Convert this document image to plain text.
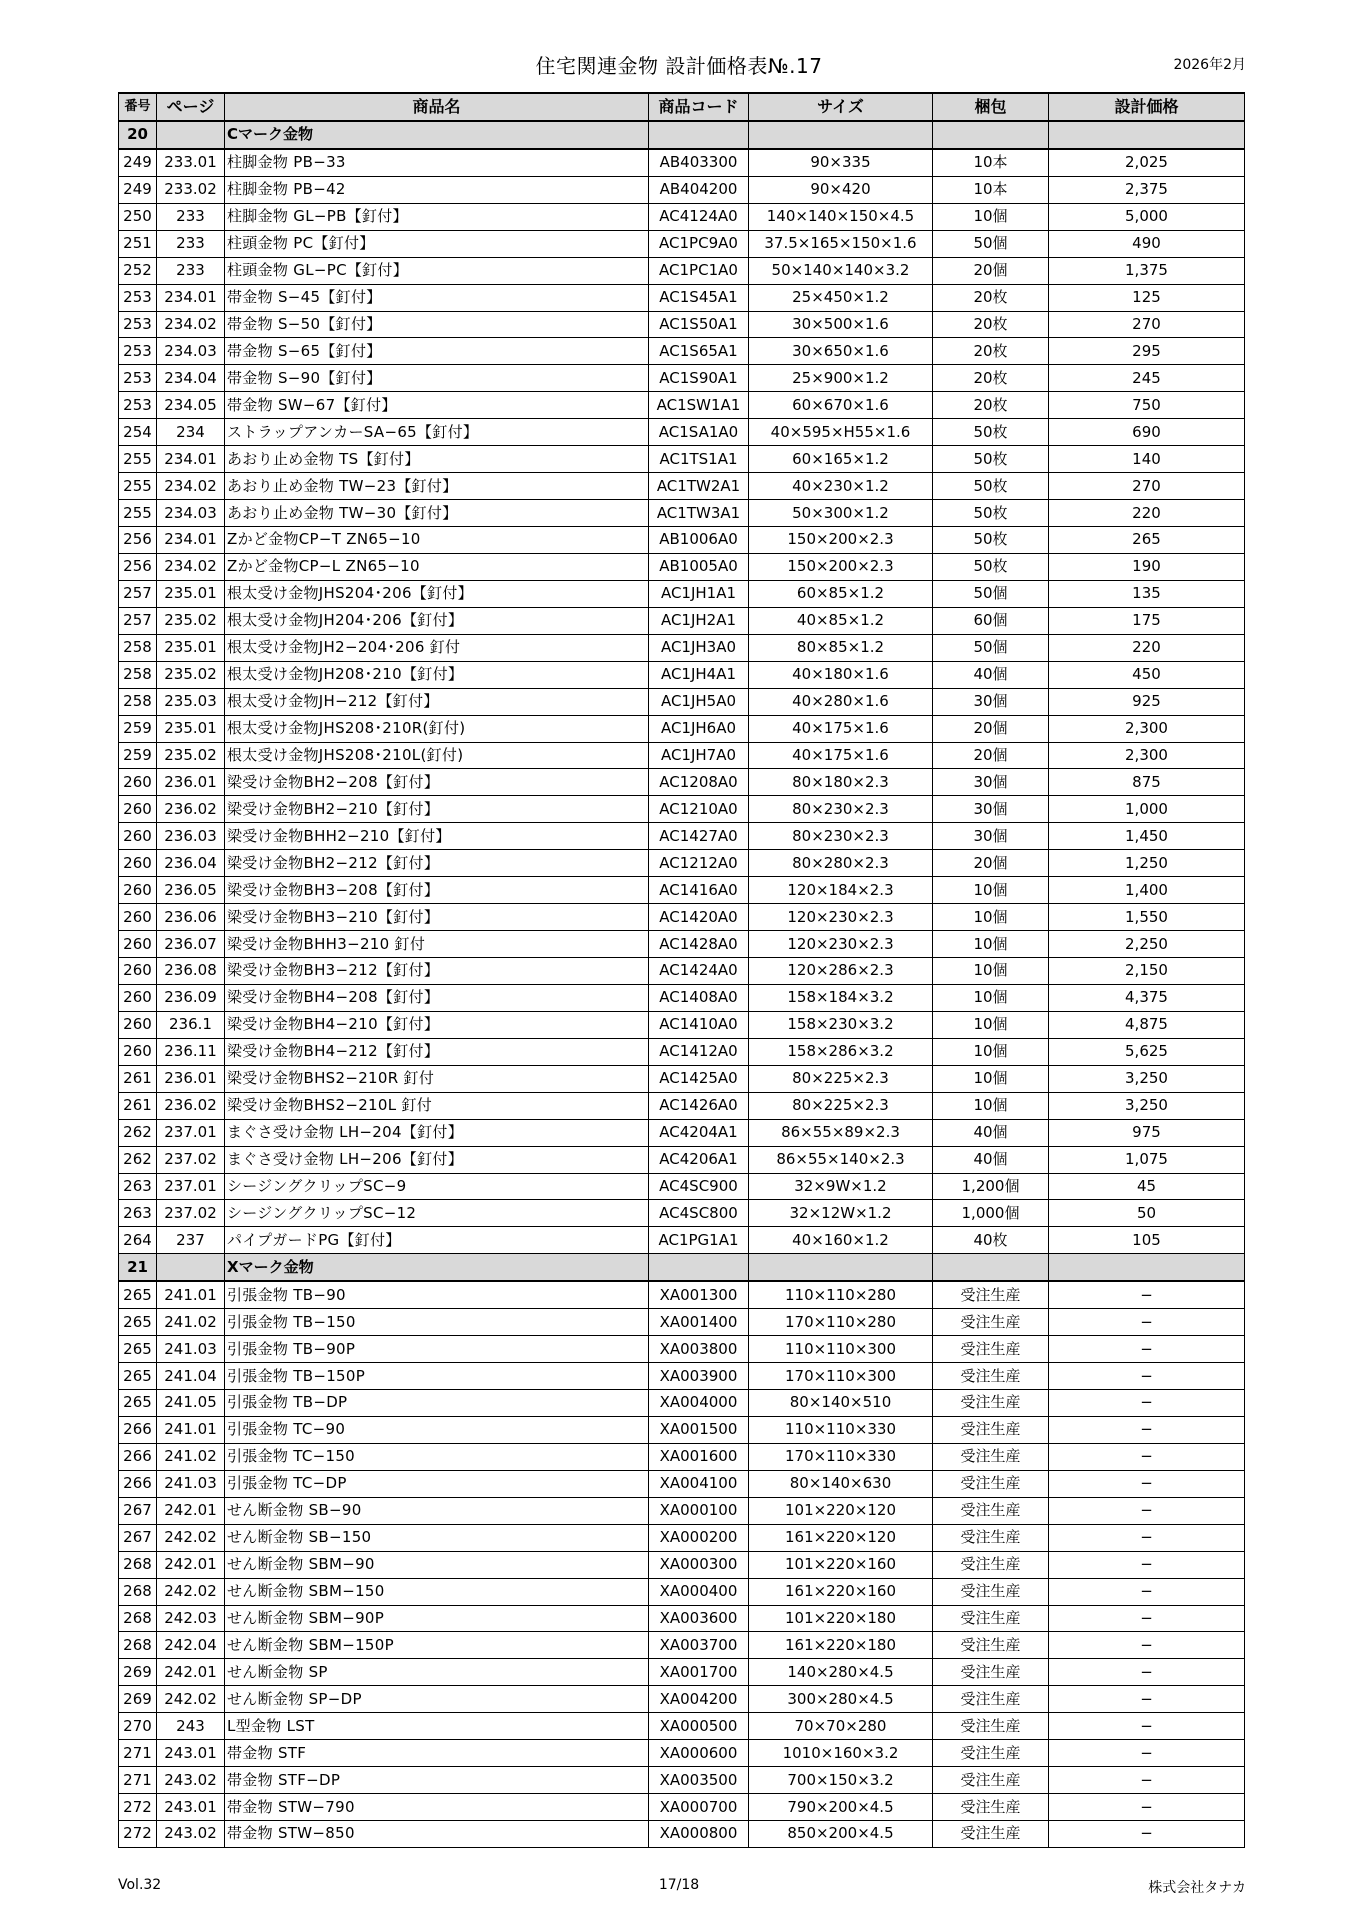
住宅関連金物 設計価格表№.17	2026年2月
番号	ページ	商品名	商品コード	サイズ	梱包	設計価格
20		Cマーク金物				
249	233.01	柱脚金物 PB−33	AB403300	90×335	10本	2,025
249	233.02	柱脚金物 PB−42	AB404200	90×420	10本	2,375
250	233	柱脚金物 GL−PB【釘付】	AC4124A0	140×140×150×4.5	10個	5,000
251	233	柱頭金物 PC【釘付】	AC1PC9A0	37.5×165×150×1.6	50個	490
252	233	柱頭金物 GL−PC【釘付】	AC1PC1A0	50×140×140×3.2	20個	1,375
253	234.01	帯金物 S−45【釘付】	AC1S45A1	25×450×1.2	20枚	125
253	234.02	帯金物 S−50【釘付】	AC1S50A1	30×500×1.6	20枚	270
253	234.03	帯金物 S−65【釘付】	AC1S65A1	30×650×1.6	20枚	295
253	234.04	帯金物 S−90【釘付】	AC1S90A1	25×900×1.2	20枚	245
253	234.05	帯金物 SW−67【釘付】	AC1SW1A1	60×670×1.6	20枚	750
254	234	ストラップアンカーSA−65【釘付】	AC1SA1A0	40×595×H55×1.6	50枚	690
255	234.01	あおり止め金物 TS【釘付】	AC1TS1A1	60×165×1.2	50枚	140
255	234.02	あおり止め金物 TW−23【釘付】	AC1TW2A1	40×230×1.2	50枚	270
255	234.03	あおり止め金物 TW−30【釘付】	AC1TW3A1	50×300×1.2	50枚	220
256	234.01	Zかど金物CP−T ZN65−10	AB1006A0	150×200×2.3	50枚	265
256	234.02	Zかど金物CP−L ZN65−10	AB1005A0	150×200×2.3	50枚	190
257	235.01	根太受け金物JHS204･206【釘付】	AC1JH1A1	60×85×1.2	50個	135
257	235.02	根太受け金物JH204･206【釘付】	AC1JH2A1	40×85×1.2	60個	175
258	235.01	根太受け金物JH2−204･206 釘付	AC1JH3A0	80×85×1.2	50個	220
258	235.02	根太受け金物JH208･210【釘付】	AC1JH4A1	40×180×1.6	40個	450
258	235.03	根太受け金物JH−212【釘付】	AC1JH5A0	40×280×1.6	30個	925
259	235.01	根太受け金物JHS208･210R(釘付)	AC1JH6A0	40×175×1.6	20個	2,300
259	235.02	根太受け金物JHS208･210L(釘付)	AC1JH7A0	40×175×1.6	20個	2,300
260	236.01	梁受け金物BH2−208【釘付】	AC1208A0	80×180×2.3	30個	875
260	236.02	梁受け金物BH2−210【釘付】	AC1210A0	80×230×2.3	30個	1,000
260	236.03	梁受け金物BHH2−210【釘付】	AC1427A0	80×230×2.3	30個	1,450
260	236.04	梁受け金物BH2−212【釘付】	AC1212A0	80×280×2.3	20個	1,250
260	236.05	梁受け金物BH3−208【釘付】	AC1416A0	120×184×2.3	10個	1,400
260	236.06	梁受け金物BH3−210【釘付】	AC1420A0	120×230×2.3	10個	1,550
260	236.07	梁受け金物BHH3−210 釘付	AC1428A0	120×230×2.3	10個	2,250
260	236.08	梁受け金物BH3−212【釘付】	AC1424A0	120×286×2.3	10個	2,150
260	236.09	梁受け金物BH4−208【釘付】	AC1408A0	158×184×3.2	10個	4,375
260	236.1	梁受け金物BH4−210【釘付】	AC1410A0	158×230×3.2	10個	4,875
260	236.11	梁受け金物BH4−212【釘付】	AC1412A0	158×286×3.2	10個	5,625
261	236.01	梁受け金物BHS2−210R 釘付	AC1425A0	80×225×2.3	10個	3,250
261	236.02	梁受け金物BHS2−210L 釘付	AC1426A0	80×225×2.3	10個	3,250
262	237.01	まぐさ受け金物 LH−204【釘付】	AC4204A1	86×55×89×2.3	40個	975
262	237.02	まぐさ受け金物 LH−206【釘付】	AC4206A1	86×55×140×2.3	40個	1,075
263	237.01	シージングクリップSC−9	AC4SC900	32×9W×1.2	1,200個	45
263	237.02	シージングクリップSC−12	AC4SC800	32×12W×1.2	1,000個	50
264	237	パイプガードPG【釘付】	AC1PG1A1	40×160×1.2	40枚	105
21		Xマーク金物				
265	241.01	引張金物 TB−90	XA001300	110×110×280	受注生産	−
265	241.02	引張金物 TB−150	XA001400	170×110×280	受注生産	−
265	241.03	引張金物 TB−90P	XA003800	110×110×300	受注生産	−
265	241.04	引張金物 TB−150P	XA003900	170×110×300	受注生産	−
265	241.05	引張金物 TB−DP	XA004000	80×140×510	受注生産	−
266	241.01	引張金物 TC−90	XA001500	110×110×330	受注生産	−
266	241.02	引張金物 TC−150	XA001600	170×110×330	受注生産	−
266	241.03	引張金物 TC−DP	XA004100	80×140×630	受注生産	−
267	242.01	せん断金物 SB−90	XA000100	101×220×120	受注生産	−
267	242.02	せん断金物 SB−150	XA000200	161×220×120	受注生産	−
268	242.01	せん断金物 SBM−90	XA000300	101×220×160	受注生産	−
268	242.02	せん断金物 SBM−150	XA000400	161×220×160	受注生産	−
268	242.03	せん断金物 SBM−90P	XA003600	101×220×180	受注生産	−
268	242.04	せん断金物 SBM−150P	XA003700	161×220×180	受注生産	−
269	242.01	せん断金物 SP	XA001700	140×280×4.5	受注生産	−
269	242.02	せん断金物 SP−DP	XA004200	300×280×4.5	受注生産	−
270	243	L型金物 LST	XA000500	70×70×280	受注生産	−
271	243.01	帯金物 STF	XA000600	1010×160×3.2	受注生産	−
271	243.02	帯金物 STF−DP	XA003500	700×150×3.2	受注生産	−
272	243.01	帯金物 STW−790	XA000700	790×200×4.5	受注生産	−
272	243.02	帯金物 STW−850	XA000800	850×200×4.5	受注生産	−
Vol.32	17/18	株式会社タナカ
